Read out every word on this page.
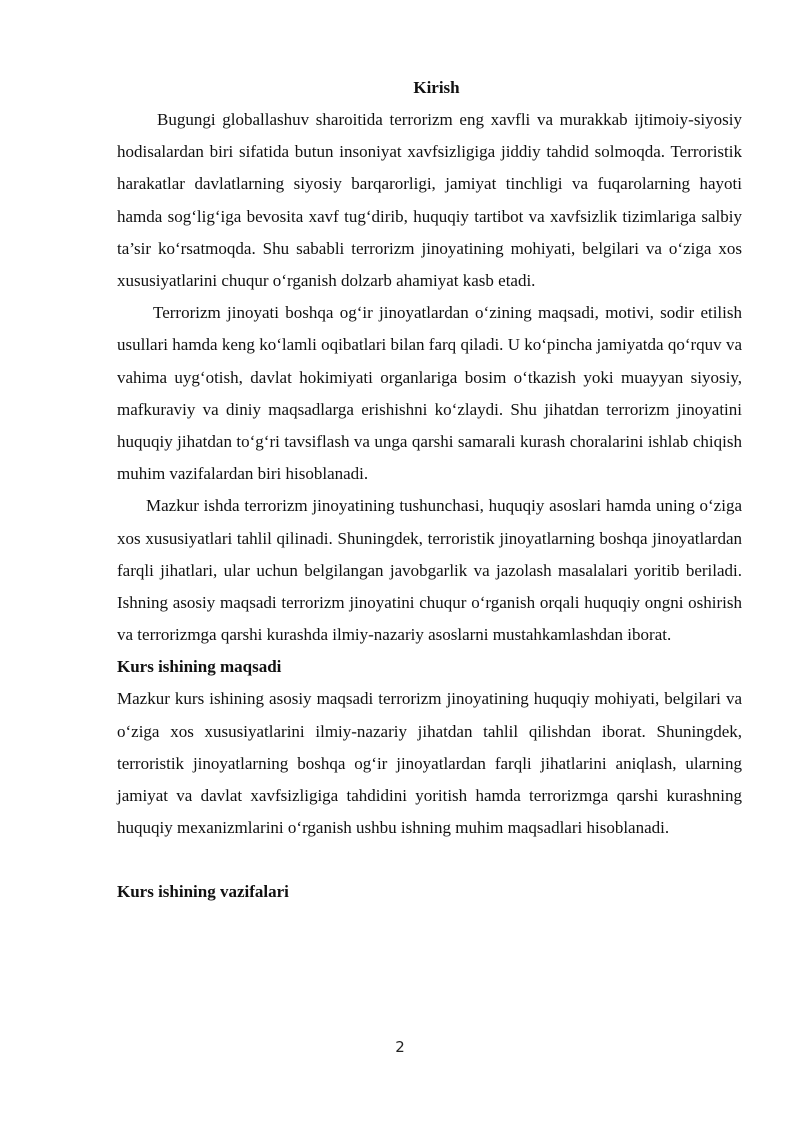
Kirish

Bugungi globallashuv sharoitida terrorizm eng xavfli va murakkab ijtimoiy-siyosiy hodisalardan biri sifatida butun insoniyat xavfsizligiga jiddiy tahdid solmoqda. Terroristik harakatlar davlatlarning siyosiy barqarorligi, jamiyat tinchligi va fuqarolarning hayoti hamda sog‘lig‘iga bevosita xavf tug‘dirib, huquqiy tartibot va xavfsizlik tizimlariga salbiy ta’sir ko‘rsatmoqda. Shu sababli terrorizm jinoyatining mohiyati, belgilari va o‘ziga xos xususiyatlarini chuqur o‘rganish dolzarb ahamiyat kasb etadi.

Terrorizm jinoyati boshqa og‘ir jinoyatlardan o‘zining maqsadi, motivi, sodir etilish usullari hamda keng ko‘lamli oqibatlari bilan farq qiladi. U ko‘pincha jamiyatda qo‘rquv va vahima uyg‘otish, davlat hokimiyati organlariga bosim o‘tkazish yoki muayyan siyosiy, mafkuraviy va diniy maqsadlarga erishishni ko‘zlaydi. Shu jihatdan terrorizm jinoyatini huquqiy jihatdan to‘g‘ri tavsiflash va unga qarshi samarali kurash choralarini ishlab chiqish muhim vazifalardan biri hisoblanadi.

Mazkur ishda terrorizm jinoyatining tushunchasi, huquqiy asoslari hamda uning o‘ziga xos xususiyatlari tahlil qilinadi. Shuningdek, terroristik jinoyatlarning boshqa jinoyatlardan farqli jihatlari, ular uchun belgilangan javobgarlik va jazolash masalalari yoritib beriladi. Ishning asosiy maqsadi terrorizm jinoyatini chuqur o‘rganish orqali huquqiy ongni oshirish va terrorizmga qarshi kurashda ilmiy-nazariy asoslarni mustahkamlashdan iborat.

Kurs ishining maqsadi

Mazkur kurs ishining asosiy maqsadi terrorizm jinoyatining huquqiy mohiyati, belgilari va o‘ziga xos xususiyatlarini ilmiy-nazariy jihatdan tahlil qilishdan iborat. Shuningdek, terroristik jinoyatlarning boshqa og‘ir jinoyatlardan farqli jihatlarini aniqlash, ularning jamiyat va davlat xavfsizligiga tahdidini yoritish hamda terrorizmga qarshi kurashning huquqiy mexanizmlarini o‘rganish ushbu ishning muhim maqsadlari hisoblanadi.

Kurs ishining vazifalari

2
